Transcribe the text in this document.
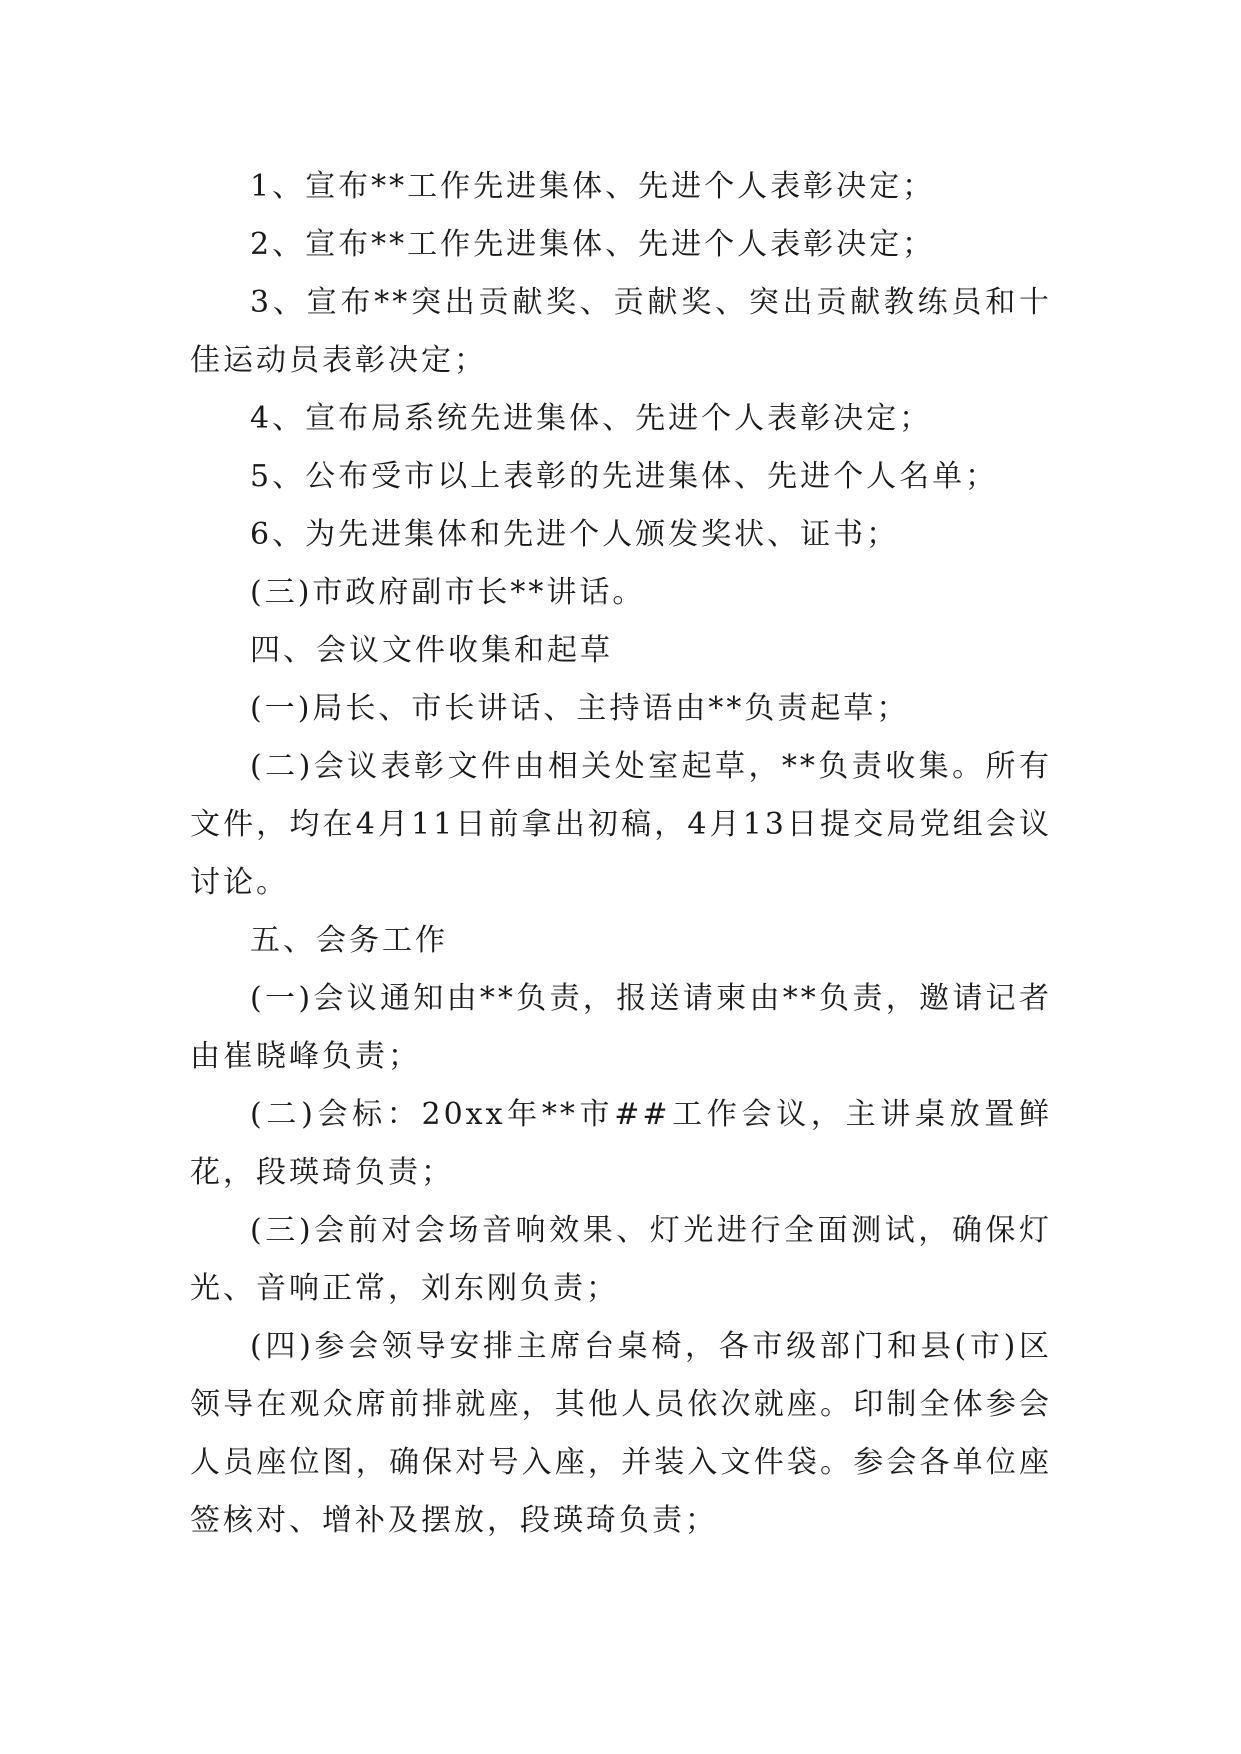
1、宣布**工作先进集体、先进个人表彰决定；

2、宣布**工作先进集体、先进个人表彰决定；

3、宣布**突出贡献奖、贡献奖、突出贡献教练员和十佳运动员表彰决定；

4、宣布局系统先进集体、先进个人表彰决定；

5、公布受市以上表彰的先进集体、先进个人名单；

6、为先进集体和先进个人颁发奖状、证书；

(三)市政府副市长**讲话。

四、会议文件收集和起草

(一)局长、市长讲话、主持语由**负责起草；

(二)会议表彰文件由相关处室起草，**负责收集。所有文件，均在4月11日前拿出初稿，4月13日提交局党组会议讨论。

五、会务工作

(一)会议通知由**负责，报送请柬由**负责，邀请记者由崔晓峰负责；

(二)会标：20xx年**市##工作会议，主讲桌放置鲜花，段瑛琦负责；

(三)会前对会场音响效果、灯光进行全面测试，确保灯光、音响正常，刘东刚负责；

(四)参会领导安排主席台桌椅，各市级部门和县(市)区领导在观众席前排就座，其他人员依次就座。印制全体参会人员座位图，确保对号入座，并装入文件袋。参会各单位座签核对、增补及摆放，段瑛琦负责；
